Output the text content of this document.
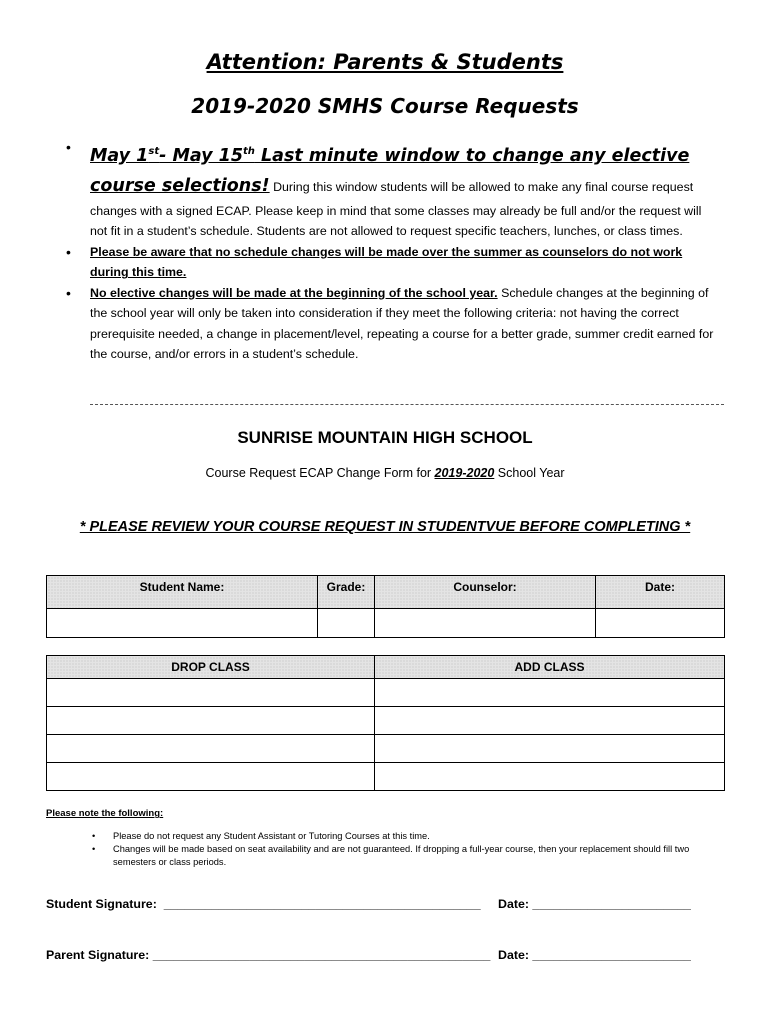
Attention: Parents & Students
2019-2020 SMHS Course Requests
• May 1st- May 15th Last minute window to change any elective course selections! During this window students will be allowed to make any final course request changes with a signed ECAP. Please keep in mind that some classes may already be full and/or the request will not fit in a student’s schedule. Students are not allowed to request specific teachers, lunches, or class times.
• Please be aware that no schedule changes will be made over the summer as counselors do not work during this time.
• No elective changes will be made at the beginning of the school year. Schedule changes at the beginning of the school year will only be taken into consideration if they meet the following criteria: not having the correct prerequisite needed, a change in placement/level, repeating a course for a better grade, summer credit earned for the course, and/or errors in a student’s schedule.
SUNRISE MOUNTAIN HIGH SCHOOL
Course Request ECAP Change Form for 2019-2020 School Year
* PLEASE REVIEW YOUR COURSE REQUEST IN STUDENTVUE BEFORE COMPLETING *
Student Name:	Grade:	Counselor:	Date:

DROP CLASS	ADD CLASS

Please note the following:
• Please do not request any Student Assistant or Tutoring Courses at this time.
• Changes will be made based on seat availability and are not guaranteed. If dropping a full-year course, then your replacement should fill two semesters or class periods.
Student Signature:  ______________________________________________ Date: _______________________
Parent Signature: _________________________________________________ Date: _______________________
